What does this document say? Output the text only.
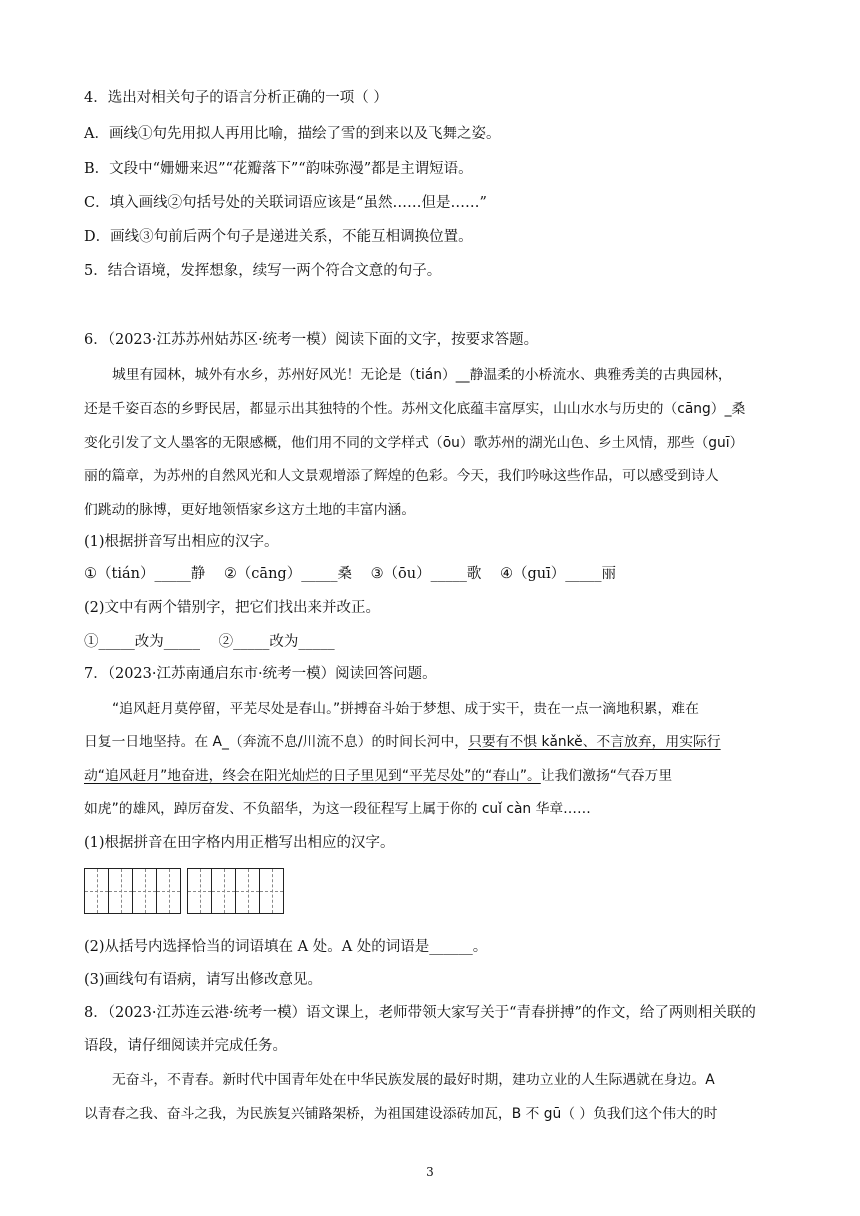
4．选出对相关句子的语言分析正确的一项（ ）
A．画线①句先用拟人再用比喻，描绘了雪的到来以及飞舞之姿。
B．文段中“姗姗来迟”“花瓣落下”“韵味弥漫”都是主谓短语。
C．填入画线②句括号处的关联词语应该是“虽然……但是……”
D．画线③句前后两个句子是递进关系，不能互相调换位置。
5．结合语境，发挥想象，续写一两个符合文意的句子。
6．（2023·江苏苏州姑苏区·统考一模）阅读下面的文字，按要求答题。
城里有园林，城外有水乡，苏州好风光！无论是（tián）__静温柔的小桥流水、典雅秀美的古典园林，
还是千姿百态的乡野民居，都显示出其独特的个性。苏州文化底蕴丰富厚实，山山水水与历史的（cāng）_桑
变化引发了文人墨客的无限感概，他们用不同的文学样式（ōu）歌苏州的湖光山色、乡土风情，那些（guī）
丽的篇章，为苏州的自然风光和人文景观增添了辉煌的色彩。今天，我们吟咏这些作品，可以感受到诗人
们跳动的脉博，更好地领悟家乡这方土地的丰富内涵。
(1)根据拼音写出相应的汉字。
①（tián）_____静 ②（cāng）_____桑 ③（ōu）_____歌 ④（guī）_____丽
(2)文中有两个错别字，把它们找出来并改正。
①_____改为_____ ②_____改为_____
7．（2023·江苏南通启东市·统考一模）阅读回答问题。
“追风赶月莫停留，平芜尽处是春山。”拼搏奋斗始于梦想、成于实干，贵在一点一滴地积累，难在
日复一日地坚持。在 A_（奔流不息/川流不息）的时间长河中，只要有不惧 kǎnkě、不言放弃，用实际行
动“追风赶月”地奋进，终会在阳光灿烂的日子里见到“平芜尽处”的“春山”。让我们激扬“气吞万里
如虎”的雄风，踔厉奋发、不负韶华，为这一段征程写上属于你的 cuǐ càn 华章……
(1)根据拼音在田字格内用正楷写出相应的汉字。
(2)从括号内选择恰当的词语填在 A 处。A 处的词语是______。
(3)画线句有语病，请写出修改意见。
8．（2023·江苏连云港·统考一模）语文课上，老师带领大家写关于“青春拼搏”的作文，给了两则相关联的
语段，请仔细阅读并完成任务。
无奋斗，不青春。新时代中国青年处在中华民族发展的最好时期，建功立业的人生际遇就在身边。A
以青春之我、奋斗之我，为民族复兴铺路架桥，为祖国建设添砖加瓦，B 不 gū（ ）负我们这个伟大的时
3
